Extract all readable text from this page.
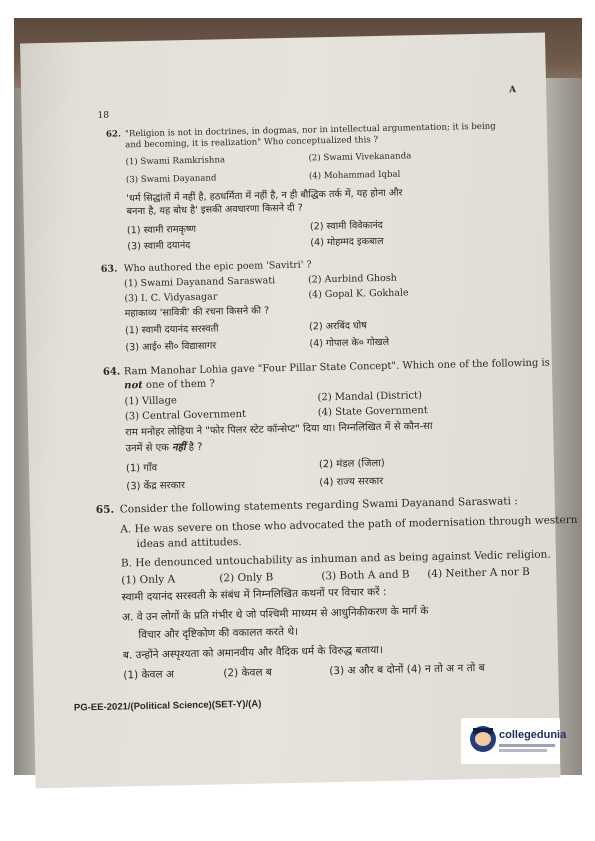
18
A
62. "Religion is not in doctrines, in dogmas, nor in intellectual argumentation; it is being
and becoming, it is realization" Who conceptualized this ?
(1) Swami Ramkrishna	(2) Swami Vivekananda
(3) Swami Dayanand	(4) Mohammad Iqbal
'धर्म सिद्धांतों में नहीं है, हठधर्मिता में नहीं है, न ही बौद्धिक तर्क में, यह होना और
बनना है, यह बोध है' इसकी अवधारणा किसने दी ?
(1) स्वामी रामकृष्ण	(2) स्वामी विवेकानंद
(3) स्वामी दयानंद	(4) मोहम्मद इकबाल
63. Who authored the epic poem 'Savitri' ?
(1) Swami Dayanand Saraswati	(2) Aurbind Ghosh
(3) I. C. Vidyasagar	(4) Gopal K. Gokhale
महाकाव्य 'सावित्री' की रचना किसने की ?
(1) स्वामी दयानंद सरस्वती	(2) अरबिंद घोष
(3) आई० सी० विद्यासागर	(4) गोपाल के० गोखले
64. Ram Manohar Lohia gave "Four Pillar State Concept". Which one of the following is
not one of them ?
(1) Village	(2) Mandal (District)
(3) Central Government	(4) State Government
राम मनोहर लोहिया ने "फोर पिलर स्टेट कॉन्सेप्ट" दिया था। निम्नलिखित में से कौन-सा
उनमें से एक नहीं है ?
(1) गाँव	(2) मंडल (जिला)
(3) केंद्र सरकार	(4) राज्य सरकार
65. Consider the following statements regarding Swami Dayanand Saraswati :
A. He was severe on those who advocated the path of modernisation through western
ideas and attitudes.
B. He denounced untouchability as inhuman and as being against Vedic religion.
(1) Only A	(2) Only B	(3) Both A and B (4) Neither A nor B
स्वामी दयानंद सरस्वती के संबंध में निम्नलिखित कथनों पर विचार करें :
अ. वे उन लोगों के प्रति गंभीर थे जो पश्चिमी माध्यम से आधुनिकीकरण के मार्ग के
विचार और दृष्टिकोण की वकालत करते थे।
ब. उन्होंने अस्पृश्यता को अमानवीय और वैदिक धर्म के विरुद्ध बताया।
(1) केवल अ	(2) केवल ब	(3) अ और ब दोनों (4) न तो अ न तो ब
PG-EE-2021/(Political Science)(SET-Y)/(A)
collegedunia
